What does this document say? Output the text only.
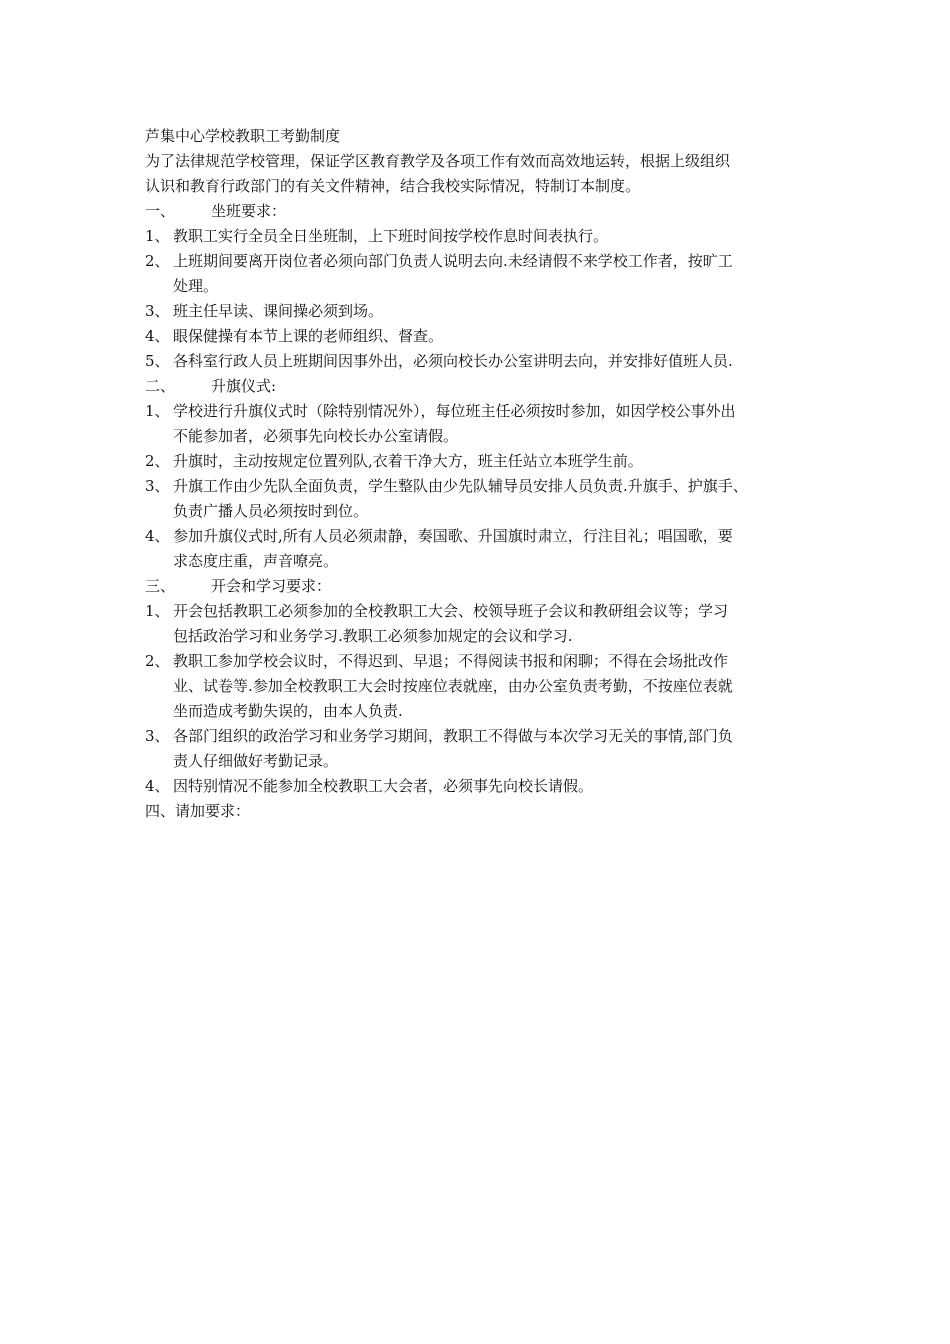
芦集中心学校教职工考勤制度
为了法律规范学校管理，保证学区教育教学及各项工作有效而高效地运转，根据上级组织
认识和教育行政部门的有关文件精神，结合我校实际情况，特制订本制度。
一、 坐班要求：
1、 教职工实行全员全日坐班制，上下班时间按学校作息时间表执行。
2、 上班期间要离开岗位者必须向部门负责人说明去向.未经请假不来学校工作者，按旷工
处理。
3、 班主任早读、课间操必须到场。
4、 眼保健操有本节上课的老师组织、督查。
5、 各科室行政人员上班期间因事外出，必须向校长办公室讲明去向，并安排好值班人员.
二、 升旗仪式:
1、 学校进行升旗仪式时（除特别情况外），每位班主任必须按时参加，如因学校公事外出
不能参加者，必须事先向校长办公室请假。
2、 升旗时，主动按规定位置列队,衣着干净大方，班主任站立本班学生前。
3、 升旗工作由少先队全面负责，学生整队由少先队辅导员安排人员负责.升旗手、护旗手、
负责广播人员必须按时到位。
4、 参加升旗仪式时,所有人员必须肃静，奏国歌、升国旗时肃立，行注目礼；唱国歌，要
求态度庄重，声音嘹亮。
三、 开会和学习要求：
1、 开会包括教职工必须参加的全校教职工大会、校领导班子会议和教研组会议等；学习
包括政治学习和业务学习.教职工必须参加规定的会议和学习.
2、 教职工参加学校会议时，不得迟到、早退；不得阅读书报和闲聊；不得在会场批改作
业、试卷等.参加全校教职工大会时按座位表就座，由办公室负责考勤，不按座位表就
坐而造成考勤失误的，由本人负责.
3、 各部门组织的政治学习和业务学习期间，教职工不得做与本次学习无关的事情,部门负
责人仔细做好考勤记录。
4、 因特别情况不能参加全校教职工大会者，必须事先向校长请假。
四、请加要求：
